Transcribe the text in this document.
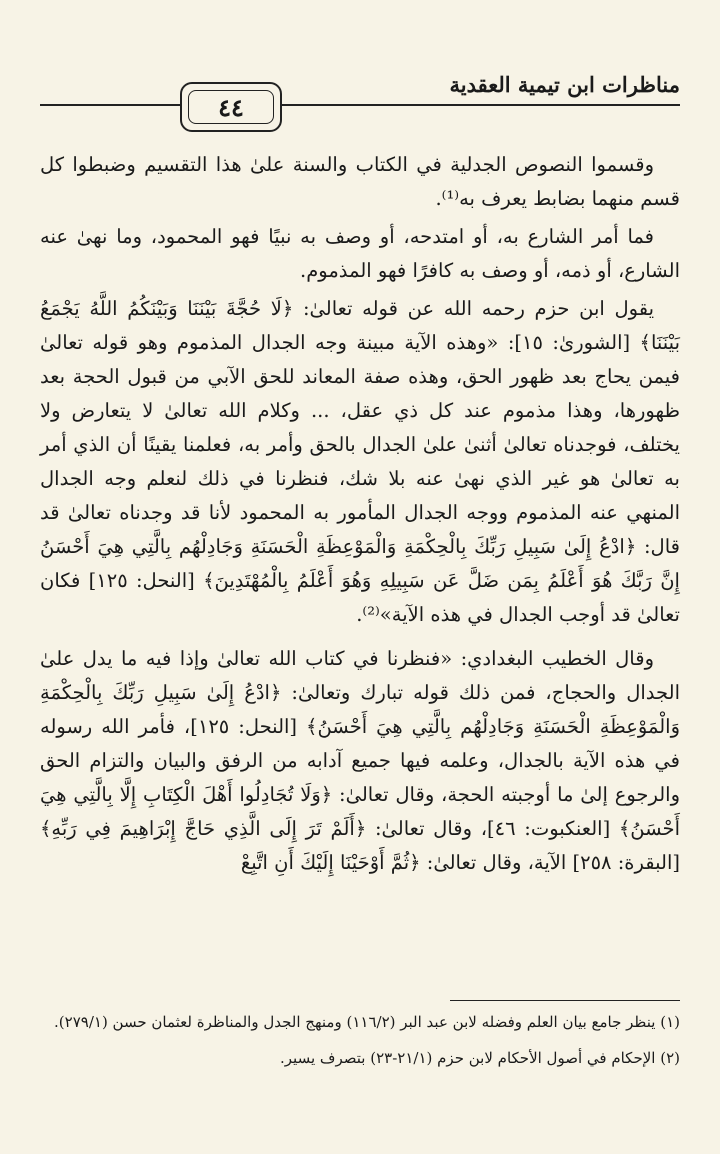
مناظرات ابن تيمية العقدية
٤٤

وقسموا النصوص الجدلية في الكتاب والسنة علىٰ هذا التقسيم وضبطوا كل قسم منهما بضابط يعرف به⁽¹⁾.

فما أمر الشارع به، أو امتدحه، أو وصف به نبيًا فهو المحمود، وما نهىٰ عنه الشارع، أو ذمه، أو وصف به كافرًا فهو المذموم.

يقول ابن حزم رحمه الله عن قوله تعالىٰ: ﴿لَا حُجَّةَ بَيْنَنَا وَبَيْنَكُمُ اللَّهُ يَجْمَعُ بَيْنَنَا﴾ [الشورىٰ: ١٥]: «وهذه الآية مبينة وجه الجدال المذموم وهو قوله تعالىٰ فيمن يحاج بعد ظهور الحق، وهذه صفة المعاند للحق الآبي من قبول الحجة بعد ظهورها، وهذا مذموم عند كل ذي عقل، ... وكلام الله تعالىٰ لا يتعارض ولا يختلف، فوجدناه تعالىٰ أثنىٰ علىٰ الجدال بالحق وأمر به، فعلمنا يقينًا أن الذي أمر به تعالىٰ هو غير الذي نهىٰ عنه بلا شك، فنظرنا في ذلك لنعلم وجه الجدال المنهي عنه المذموم ووجه الجدال المأمور به المحمود لأنا قد وجدناه تعالىٰ قد قال: ﴿ادْعُ إِلَىٰ سَبِيلِ رَبِّكَ بِالْحِكْمَةِ وَالْمَوْعِظَةِ الْحَسَنَةِ وَجَادِلْهُم بِالَّتِي هِيَ أَحْسَنُ إِنَّ رَبَّكَ هُوَ أَعْلَمُ بِمَن ضَلَّ عَن سَبِيلِهِ وَهُوَ أَعْلَمُ بِالْمُهْتَدِينَ﴾ [النحل: ١٢٥] فكان تعالىٰ قد أوجب الجدال في هذه الآية»⁽²⁾.

وقال الخطيب البغدادي: «فنظرنا في كتاب الله تعالىٰ وإذا فيه ما يدل علىٰ الجدال والحجاج، فمن ذلك قوله تبارك وتعالىٰ: ﴿ادْعُ إِلَىٰ سَبِيلِ رَبِّكَ بِالْحِكْمَةِ وَالْمَوْعِظَةِ الْحَسَنَةِ وَجَادِلْهُم بِالَّتِي هِيَ أَحْسَنُ﴾ [النحل: ١٢٥]، فأمر الله رسوله في هذه الآية بالجدال، وعلمه فيها جميع آدابه من الرفق والبيان والتزام الحق والرجوع إلىٰ ما أوجبته الحجة، وقال تعالىٰ: ﴿وَلَا تُجَادِلُوا أَهْلَ الْكِتَابِ إِلَّا بِالَّتِي هِيَ أَحْسَنُ﴾ [العنكبوت: ٤٦]، وقال تعالىٰ: ﴿أَلَمْ تَرَ إِلَى الَّذِي حَاجَّ إِبْرَاهِيمَ فِي رَبِّهِ﴾ [البقرة: ٢٥٨] الآية، وقال تعالىٰ: ﴿ثُمَّ أَوْحَيْنَا إِلَيْكَ أَنِ اتَّبِعْ

(١) ينظر جامع بيان العلم وفضله لابن عبد البر (١١٦/٢) ومنهج الجدل والمناظرة لعثمان حسن (٢٧٩/١).

(٢) الإحكام في أصول الأحكام لابن حزم (٢١/١-٢٣) بتصرف يسير.
